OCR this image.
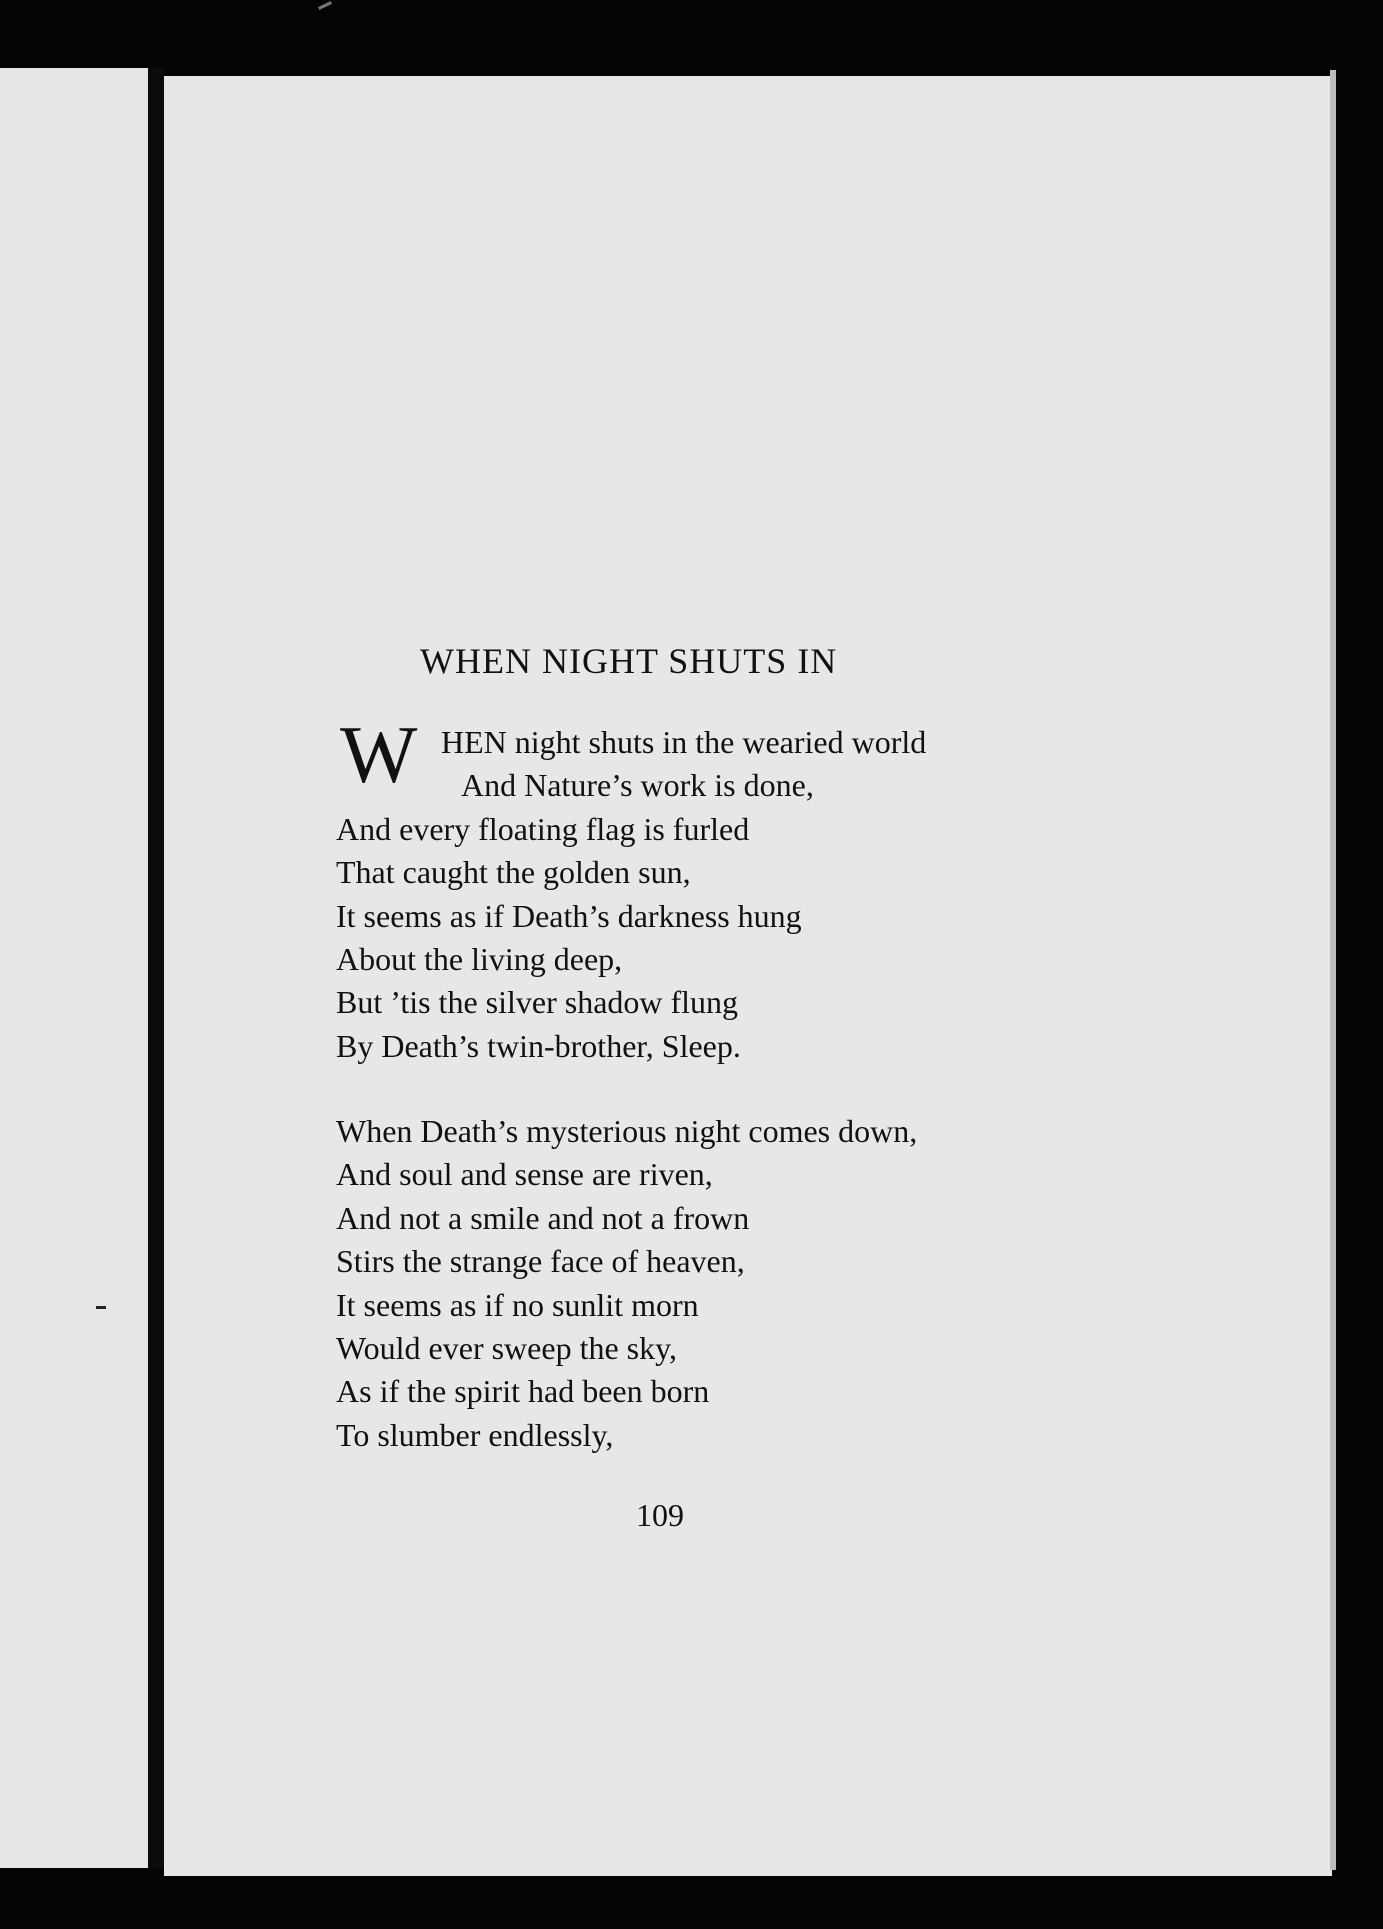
WHEN NIGHT SHUTS IN
W HEN night shuts in the wearied world
And Nature’s work is done,
And every floating flag is furled
That caught the golden sun,
It seems as if Death’s darkness hung
About the living deep,
But ’tis the silver shadow flung
By Death’s twin-brother, Sleep.
When Death’s mysterious night comes down,
And soul and sense are riven,
And not a smile and not a frown
Stirs the strange face of heaven,
It seems as if no sunlit morn
Would ever sweep the sky,
As if the spirit had been born
To slumber endlessly,

109
